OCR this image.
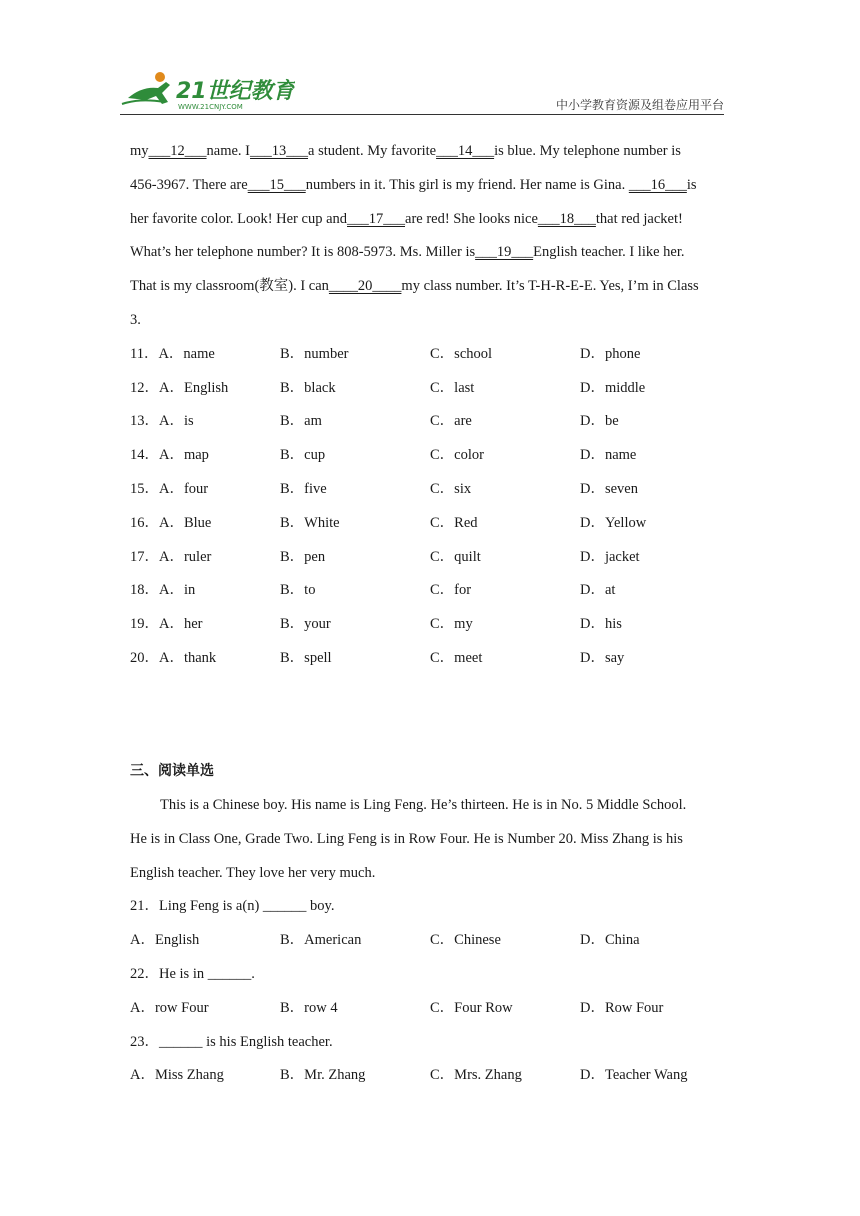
21世纪教育
WWW.21CNJY.COM	中小学教育资源及组卷应用平台
my___12___name. I___13___a student. My favorite___14___is blue. My telephone number is
456-3967. There are___15___numbers in it. This girl is my friend. Her name is Gina. ___16___is
her favorite color. Look! Her cup and___17___are red! She looks nice___18___that red jacket!
What’s her telephone number? It is 808-5973. Ms. Miller is___19___English teacher. I like her.
That is my classroom(教室). I can____20____my class number. It’s T-H-R-E-E. Yes, I’m in Class
3.
11．A．name	B．number	C．school	D．phone
12．A．English	B．black	C．last	D．middle
13．A．is	B．am	C．are	D．be
14．A．map	B．cup	C．color	D．name
15．A．four	B．five	C．six	D．seven
16．A．Blue	B．White	C．Red	D．Yellow
17．A．ruler	B．pen	C．quilt	D．jacket
18．A．in	B．to	C．for	D．at
19．A．her	B．your	C．my	D．his
20．A．thank	B．spell	C．meet	D．say
三、阅读单选
This is a Chinese boy. His name is Ling Feng. He’s thirteen. He is in No. 5 Middle School.
He is in Class One, Grade Two. Ling Feng is in Row Four. He is Number 20. Miss Zhang is his
English teacher. They love her very much.
21．Ling Feng is a(n) ______ boy.
A．English	B．American	C．Chinese	D．China
22．He is in ______.
A．row Four	B．row 4	C．Four Row	D．Row Four
23．______ is his English teacher.
A．Miss Zhang	B．Mr. Zhang	C．Mrs. Zhang	D．Teacher Wang
